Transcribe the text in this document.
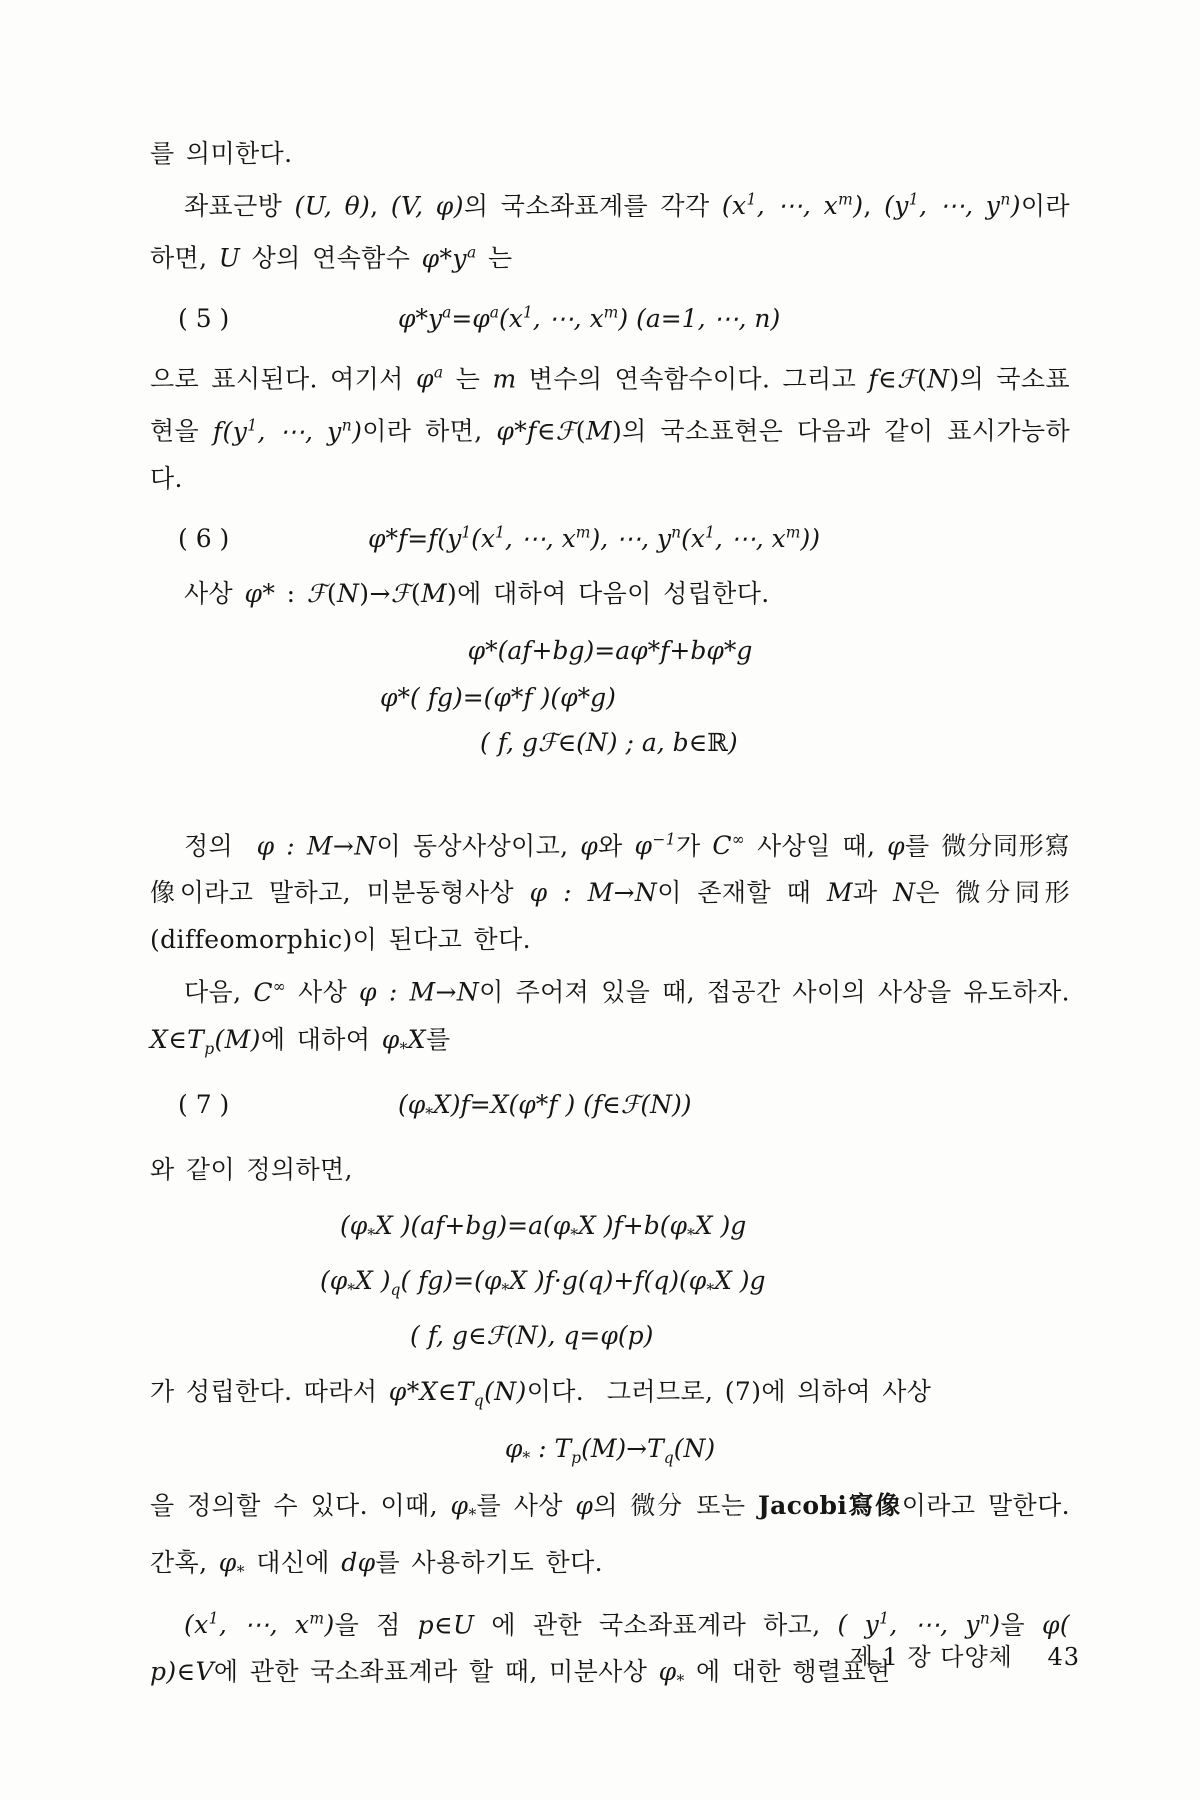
를 의미한다.

좌표근방 (U, θ), (V, φ)의 국소좌표계를 각각 ($x^1$, ⋯, $x^m$), ($y^1$, ⋯, $y^n$)이라 하면, U 상의 연속함수 $\varphi*y^a$ 는

( 5 )	$\varphi*y^a=\varphi^a(x^1$, ⋯, $x^m$) (a=1, ⋯, n)

으로 표시된다. 여기서 $\varphi^a$ 는 m 변수의 연속함수이다. 그리고 f∈ℱ(N)의 국소표현을 $f(y^1$, ⋯, $y^n$)이라 하면, φ*f∈ℱ(M)의 국소표현은 다음과 같이 표시가능하다.

( 6 )	$\varphi*f=f(y^1(x^1$, ⋯, $x^m$), ⋯, $y^n(x^1$, ⋯, $x^m$))

사상 φ* : ℱ(N)→ℱ(M)에 대하여 다음이 성립한다.

φ*(af+bg)=aφ*f+bφ*g
φ*( fg)=(φ*f )(φ*g)
( f, gℱ∈(N) ; a, b∈ℝ)

정의  φ : M→N이 동상사상이고, φ와 $\varphi^{-1}$가 C∞ 사상일 때, φ를 微分同形寫像이라고 말하고, 미분동형사상 φ : M→N이 존재할 때 M과 N은 微分同形(diffeomorphic)이 된다고 한다.

다음, C∞ 사상 φ : M→N이 주어져 있을 때, 접공간 사이의 사상을 유도하자. $X\in T_p(M)$에 대하여 $\varphi_*X$를

( 7 )	$(\varphi_*X)f=X(\varphi*f$ ) (f∈ℱ(N))

와 같이 정의하면,

($\varphi_*X$ )$(af+bg)=a(\varphi_*X$ )$f+b(\varphi_*X$ )g
($\varphi_*X$ )$_q$( $fg)=(\varphi_*X$ )$f\cdot g(q)+f(q)(\varphi_*X$ )g
( f, g∈ℱ(N), q=φ(p)

가 성립한다. 따라서 $\varphi*X\in T_q(N)$이다.  그러므로, (7)에 의하여 사상

$\varphi_*$ : $T_p(M)\to T_q(N)$

을 정의할 수 있다. 이때, $\varphi_*$를 사상 φ의 微分 또는 Jacobi寫像이라고 말한다. 간혹, $\varphi_*$ 대신에 dφ를 사용하기도 한다.

($x^1$, ⋯, $x^m$)을 점 p∈U 에 관한 국소좌표계라 하고, ( $y^1$, ⋯, $y^n$)을 φ( p)∈V에 관한 국소좌표계라 할 때, 미분사상 $\varphi_*$ 에 대한 행렬표현

제 1 장 다양체 43
